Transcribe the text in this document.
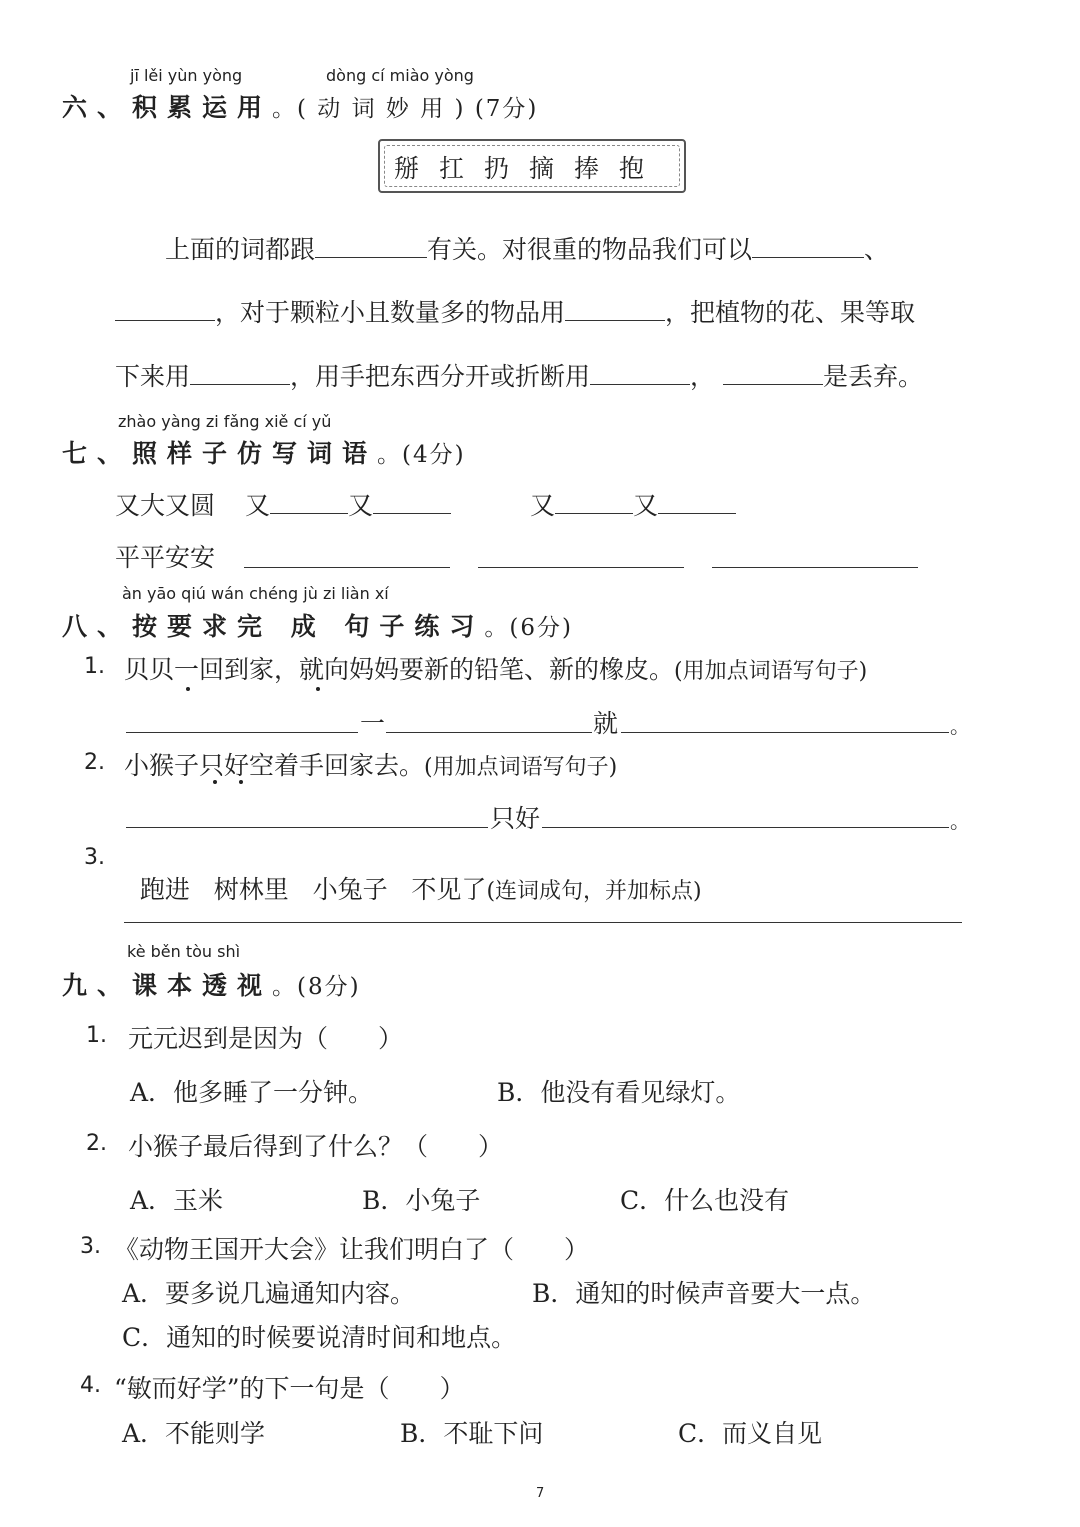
jī lěi yùn yòng	dòng cí miào yòng
六、积累运用。( 动 词 妙 用 ) (7分)
掰扛扔摘捧抱
上面的词都跟	有关。对很重的物品我们可以	、
，对于颗粒小且数量多的物品用	，把植物的花、果等取
下来用	，用手把东西分开或折断用	，	是丢弃。
zhào yàng zi fǎng xiě cí yǔ
七、照样子仿写词语。(4分)
又大又圆 又	又	又	又
平平安安
àn yāo qiú wán chéng jù zi liàn xí
八、按要求完 成 句子练习。(6分)
1. 贝贝一回到家，就向妈妈要新的铅笔、新的橡皮。(用加点词语写句子)
一	就	。
2. 小猴子只好空着手回家去。(用加点词语写句子)
只好	。
3.

跑进   树林里   小兔子   不见了(连词成句，并加标点)

kè běn tòu shì
九、课本透视。(8分)
1. 元元迟到是因为（　　）
A．他多睡了一分钟。	B．他没有看见绿灯。
2. 小猴子最后得到了什么？（　　）
A．玉米	B．小兔子	C．什么也没有
3. 《动物王国开大会》让我们明白了（　　）
A．要多说几遍通知内容。	B．通知的时候声音要大一点。
C．通知的时候要说清时间和地点。
4. “敏而好学”的下一句是（　　）
A．不能则学	B．不耻下问	C．而义自见
7
